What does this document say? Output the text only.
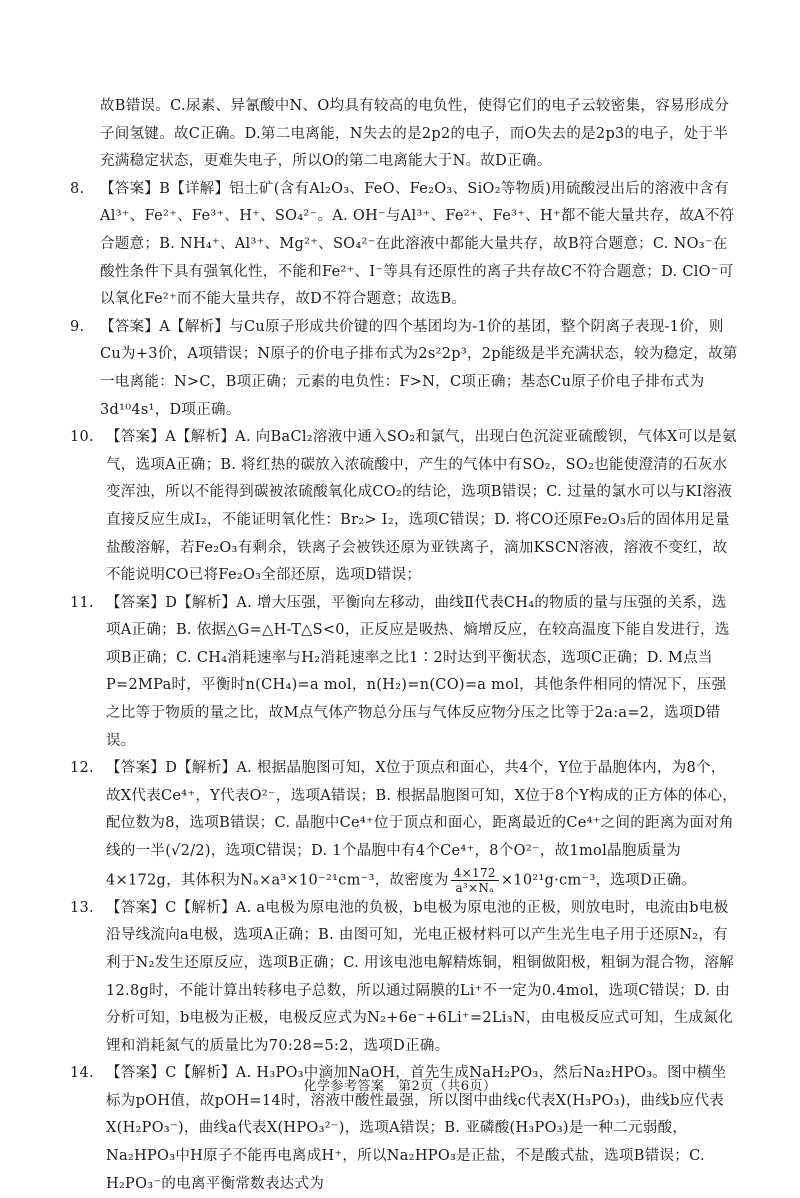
故B错误。C.尿素、异氰酸中N、O均具有较高的电负性，使得它们的电子云较密集，容易形成分子间氢键。故C正确。D.第二电离能，N失去的是2p2的电子，而O失去的是2p3的电子，处于半充满稳定状态，更难失电子，所以O的第二电离能大于N。故D正确。

8.	【答案】B【详解】铝土矿(含有Al₂O₃、FeO、Fe₂O₃、SiO₂等物质)用硫酸浸出后的溶液中含有Al³⁺、Fe²⁺、Fe³⁺、H⁺、SO₄²⁻。A. OH⁻与Al³⁺、Fe²⁺、Fe³⁺、H⁺都不能大量共存，故A不符合题意；B. NH₄⁺、Al³⁺、Mg²⁺、SO₄²⁻在此溶液中都能大量共存，故B符合题意；C. NO₃⁻在酸性条件下具有强氧化性，不能和Fe²⁺、I⁻等具有还原性的离子共存故C不符合题意；D. ClO⁻可以氧化Fe²⁺而不能大量共存，故D不符合题意；故选B。
9.	【答案】A【解析】与Cu原子形成共价键的四个基团均为-1价的基团，整个阴离子表现-1价，则Cu为+3价，A项错误；N原子的价电子排布式为2s²2p³，2p能级是半充满状态，较为稳定，故第一电离能：N>C，B项正确；元素的电负性：F>N，C项正确；基态Cu原子价电子排布式为3d¹⁰4s¹，D项正确。
10. 【答案】A【解析】A. 向BaCl₂溶液中通入SO₂和氯气，出现白色沉淀亚硫酸钡，气体X可以是氨气，选项A正确；B. 将红热的碳放入浓硫酸中，产生的气体中有SO₂，SO₂也能使澄清的石灰水变浑浊，所以不能得到碳被浓硫酸氧化成CO₂的结论，选项B错误；C. 过量的氯水可以与KI溶液直接反应生成I₂，不能证明氧化性：Br₂> I₂，选项C错误；D. 将CO还原Fe₂O₃后的固体用足量盐酸溶解，若Fe₂O₃有剩余，铁离子会被铁还原为亚铁离子，滴加KSCN溶液，溶液不变红，故不能说明CO已将Fe₂O₃全部还原，选项D错误；
11. 【答案】D【解析】A. 增大压强，平衡向左移动，曲线Ⅱ代表CH₄的物质的量与压强的关系，选项A正确；B. 依据△G=△H-T△S<0，正反应是吸热、熵增反应，在较高温度下能自发进行，选项B正确；C. CH₄消耗速率与H₂消耗速率之比1∶2时达到平衡状态，选项C正确；D. M点当P=2MPa时，平衡时n(CH₄)=a mol，n(H₂)=n(CO)=a mol，其他条件相同的情况下，压强之比等于物质的量之比，故M点气体产物总分压与气体反应物分压之比等于2a:a=2，选项D错误。
12. 【答案】D【解析】A. 根据晶胞图可知，X位于顶点和面心，共4个，Y位于晶胞体内，为8个，故X代表Ce⁴⁺，Y代表O²⁻，选项A错误；B. 根据晶胞图可知，X位于8个Y构成的正方体的体心，配位数为8，选项B错误；C. 晶胞中Ce⁴⁺位于顶点和面心，距离最近的Ce⁴⁺之间的距离为面对角线的一半(√2/2)，选项C错误；D. 1个晶胞中有4个Ce⁴⁺，8个O²⁻，故1mol晶胞质量为4×172g，其体积为Nₐ×a³×10⁻²¹cm⁻³，故密度为 $\frac{4\times 172}{\text{a³×Nₐ}} \times 10^{21}g\cdot cm^{-3}$，选项D正确。
13. 【答案】C【解析】A. a电极为原电池的负极，b电极为原电池的正极，则放电时，电流由b电极沿导线流向a电极，选项A正确；B. 由图可知，光电正极材料可以产生光生电子用于还原N₂，有利于N₂发生还原反应，选项B正确；C. 用该电池电解精炼铜，粗铜做阳极，粗铜为混合物，溶解12.8g时，不能计算出转移电子总数，所以通过隔膜的Li⁺不一定为0.4mol，选项C错误；D. 由分析可知，b电极为正极，电极反应式为N₂+6e⁻+6Li⁺=2Li₃N，由电极反应式可知，生成氮化锂和消耗氮气的质量比为70:28=5:2，选项D正确。
14. 【答案】C【解析】A. H₃PO₃中滴加NaOH，首先生成NaH₂PO₃，然后Na₂HPO₃。图中横坐标为pOH值，故pOH=14时，溶液中酸性最强，所以图中曲线c代表X(H₃PO₃)，曲线b应代表X(H₂PO₃⁻)，曲线a代表X(HPO₃²⁻)，选项A错误；B. 亚磷酸(H₃PO₃)是一种二元弱酸，Na₂HPO₃中H原子不能再电离成H⁺，所以Na₂HPO₃是正盐，不是酸式盐，选项B错误；C. H₂PO₃⁻的电离平衡常数表达式为
化学参考答案　第2页（共6页）
